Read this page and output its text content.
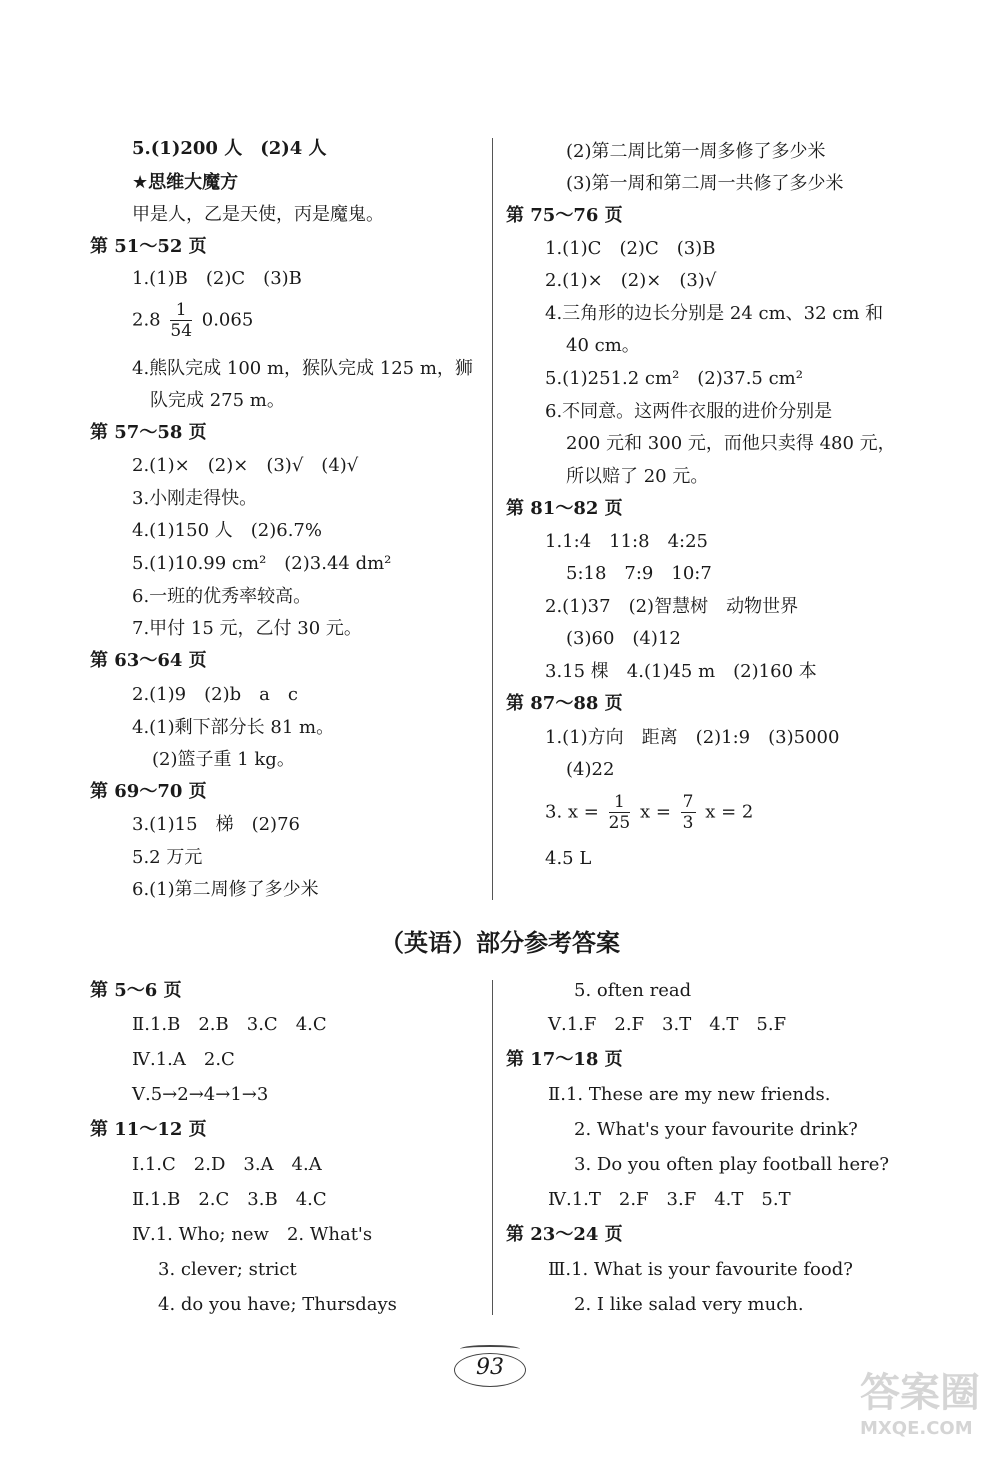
5.(1)200 人　(2)4 人
★思维大魔方
甲是人，乙是天使，丙是魔鬼。
第 51～52 页
1.(1)B　(2)C　(3)B
$2.8 \frac{1}{54} 0.065$
4.熊队完成 100 m，猴队完成 125 m，狮
队完成 275 m。
第 57～58 页
2.(1)×　(2)×　(3)√　(4)√
3.小刚走得快。
4.(1)150 人　(2)6.7%
5.(1)10.99 cm²　(2)3.44 dm²
6.一班的优秀率较高。
7.甲付 15 元，乙付 30 元。
第 63～64 页
2.(1)9　(2)b　a　c
4.(1)剩下部分长 81 m。
(2)篮子重 1 kg。
第 69～70 页
3.(1)15　梯　(2)76
5.2 万元
6.(1)第二周修了多少米
(2)第二周比第一周多修了多少米
(3)第一周和第二周一共修了多少米
第 75～76 页
1.(1)C　(2)C　(3)B
2.(1)×　(2)×　(3)√
4.三角形的边长分别是 24 cm、32 cm 和
40 cm。
5.(1)251.2 cm²　(2)37.5 cm²
6.不同意。这两件衣服的进价分别是
200 元和 300 元，而他只卖得 480 元，
所以赔了 20 元。
第 81～82 页
1.1:4　11:8　4:25
5:18　7:9　10:7
2.(1)37　(2)智慧树　动物世界
(3)60　(4)12
3.15 棵　4.(1)45 m　(2)160 本
第 87～88 页
1.(1)方向　距离　(2)1:9　(3)5000
(4)22
3. $x = \frac{1}{25}$ $x = \frac{7}{3}$ x = 2
4.5 L
（英语）部分参考答案
第 5～6 页
Ⅱ.1.B　2.B　3.C　4.C
Ⅳ.1.A　2.C
Ⅴ.5→2→4→1→3
第 11～12 页
Ⅰ.1.C　2.D　3.A　4.A
Ⅱ.1.B　2.C　3.B　4.C
Ⅳ.1. Who; new　2. What's
3. clever; strict
4. do you have; Thursdays
5. often read
Ⅴ.1.F　2.F　3.T　4.T　5.F
第 17～18 页
Ⅱ.1. These are my new friends.
2. What's your favourite drink?
3. Do you often play football here?
Ⅳ.1.T　2.F　3.F　4.T　5.T
第 23～24 页
Ⅲ.1. What is your favourite food?
2. I like salad very much.
93
答案圈
MXQE.COM
